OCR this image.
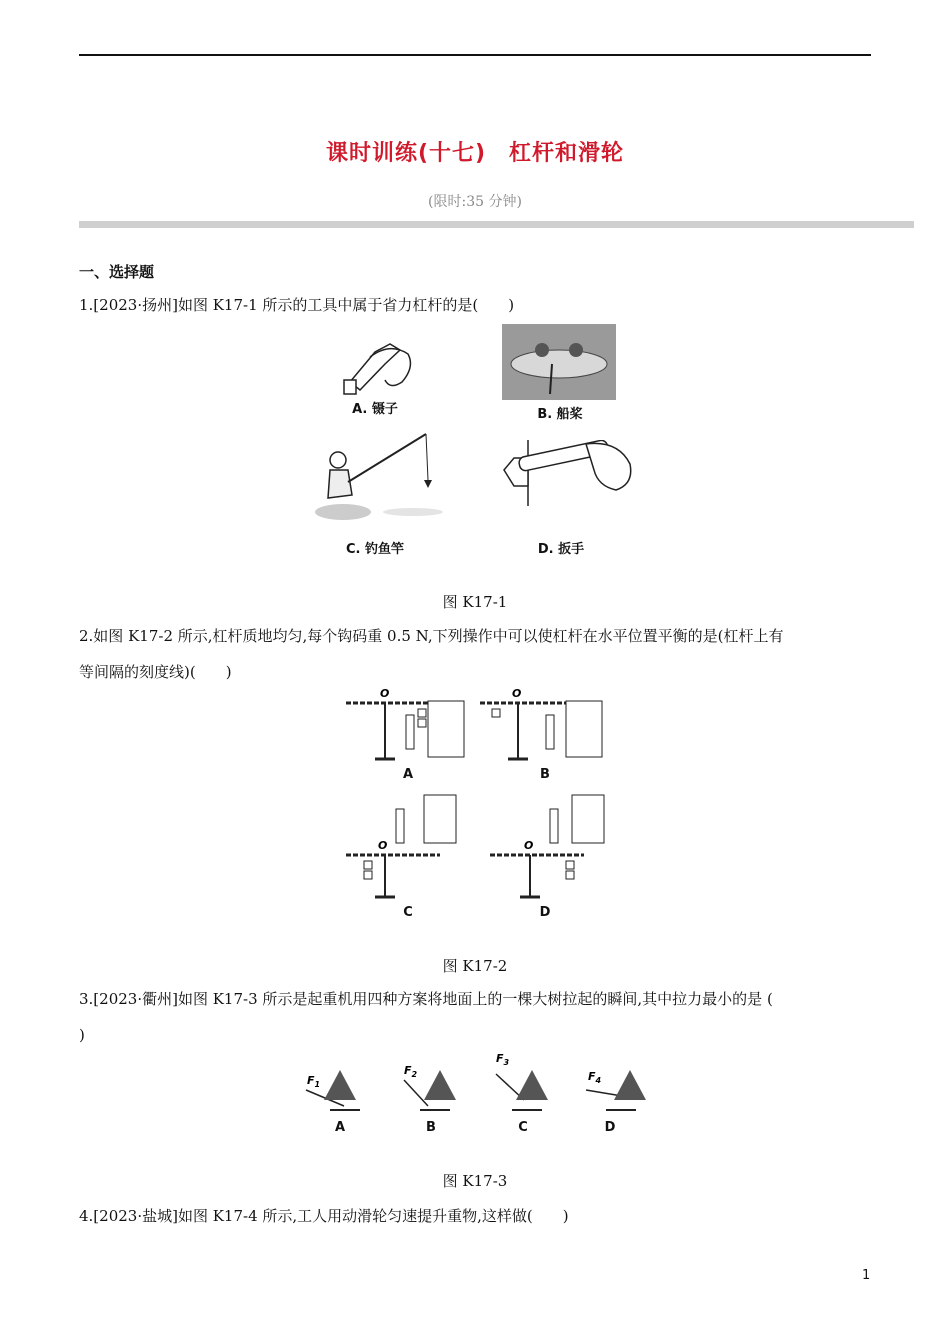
课时训练(十七)　杠杆和滑轮
(限时:35 分钟)
一、选择题
1.[2023·扬州]如图 K17-1 所示的工具中属于省力杠杆的是(　　)
A. 镊子	B. 船桨
C. 钓鱼竿	D. 扳手
图 K17-1
2.如图 K17-2 所示,杠杆质地均匀,每个钩码重 0.5 N,下列操作中可以使杠杆在水平位置平衡的是(杠杆上有
等间隔的刻度线)(　　)
O
A
O
B
O
C
O
D
图 K17-2
3.[2023·衢州]如图 K17-3 所示是起重机用四种方案将地面上的一棵大树拉起的瞬间,其中拉力最小的是 (
)
$F_1$
$F_2$
$F_3$
$F_4$
A	B	C	D
图 K17-3
4.[2023·盐城]如图 K17-4 所示,工人用动滑轮匀速提升重物,这样做(　　)
1
